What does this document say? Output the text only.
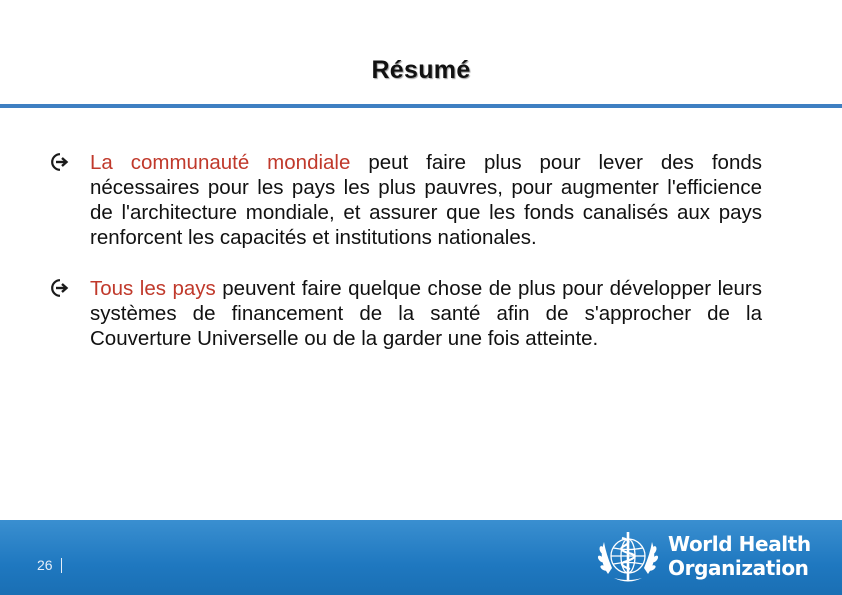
Résumé

La communauté mondiale peut faire plus pour lever des fonds nécessaires pour les pays les plus pauvres, pour augmenter l'efficience de l'architecture mondiale, et assurer que les fonds canalisés aux pays renforcent les capacités et institutions nationales.

Tous les pays peuvent faire quelque chose de plus pour développer leurs systèmes de financement de la santé afin de s'approcher de la Couverture Universelle ou de la garder une fois atteinte.

26
World Health
Organization
